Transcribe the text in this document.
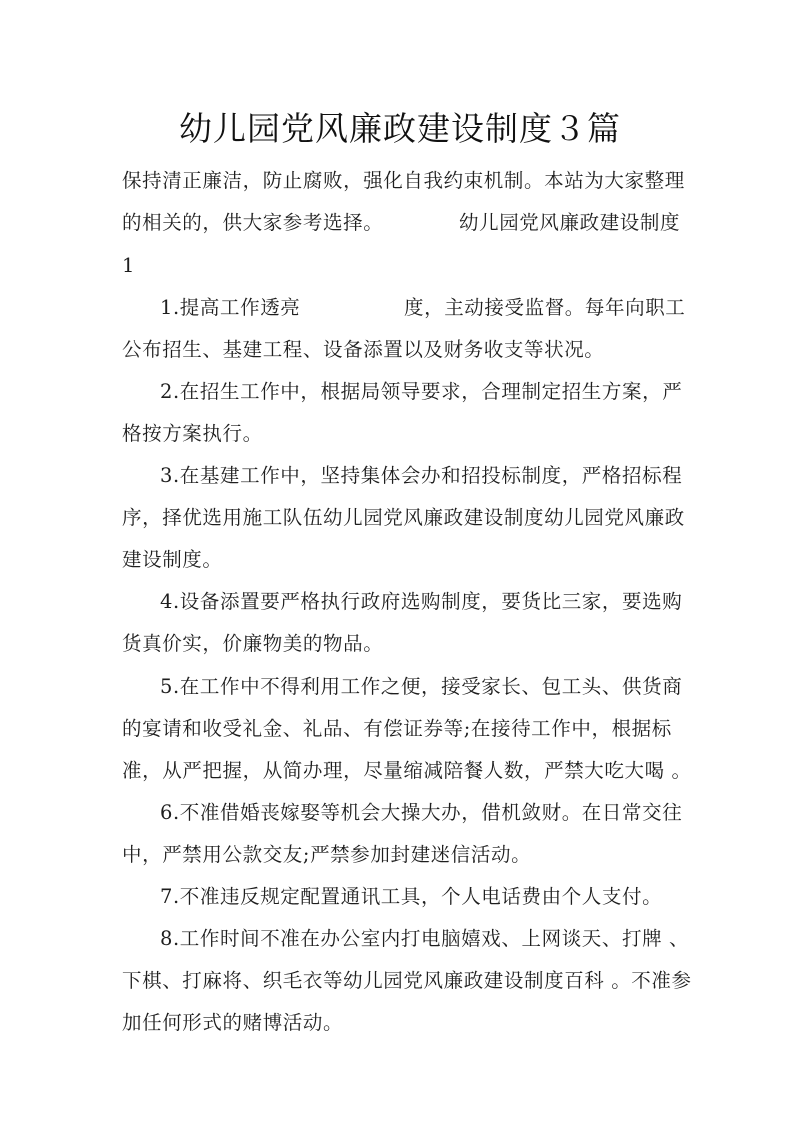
幼儿园党风廉政建设制度３篇
保持清正廉洁，防止腐败，强化自我约束机制。本站为大家整理
的相关的，供大家参考选择。	幼儿园党风廉政建设制度
1
1.提高工作透亮	度，主动接受监督。每年向职工
公布招生、基建工程、设备添置以及财务收支等状况。
2.在招生工作中，根据局领导要求，合理制定招生方案，严
格按方案执行。
3.在基建工作中，坚持集体会办和招投标制度，严格招标程
序，择优选用施工队伍幼儿园党风廉政建设制度幼儿园党风廉政
建设制度。
4.设备添置要严格执行政府选购制度，要货比三家，要选购
货真价实，价廉物美的物品。
5.在工作中不得利用工作之便，接受家长、包工头、供货商
的宴请和收受礼金、礼品、有偿证券等;在接待工作中，根据标
准，从严把握，从简办理，尽量缩减陪餐人数，严禁大吃大喝 。
6.不准借婚丧嫁娶等机会大操大办，借机敛财。在日常交往
中，严禁用公款交友;严禁参加封建迷信活动。
7.不准违反规定配置通讯工具，个人电话费由个人支付。
8.工作时间不准在办公室内打电脑嬉戏、上网谈天、打牌 、
下棋、打麻将、织毛衣等幼儿园党风廉政建设制度百科 。不准参
加任何形式的赌博活动。
